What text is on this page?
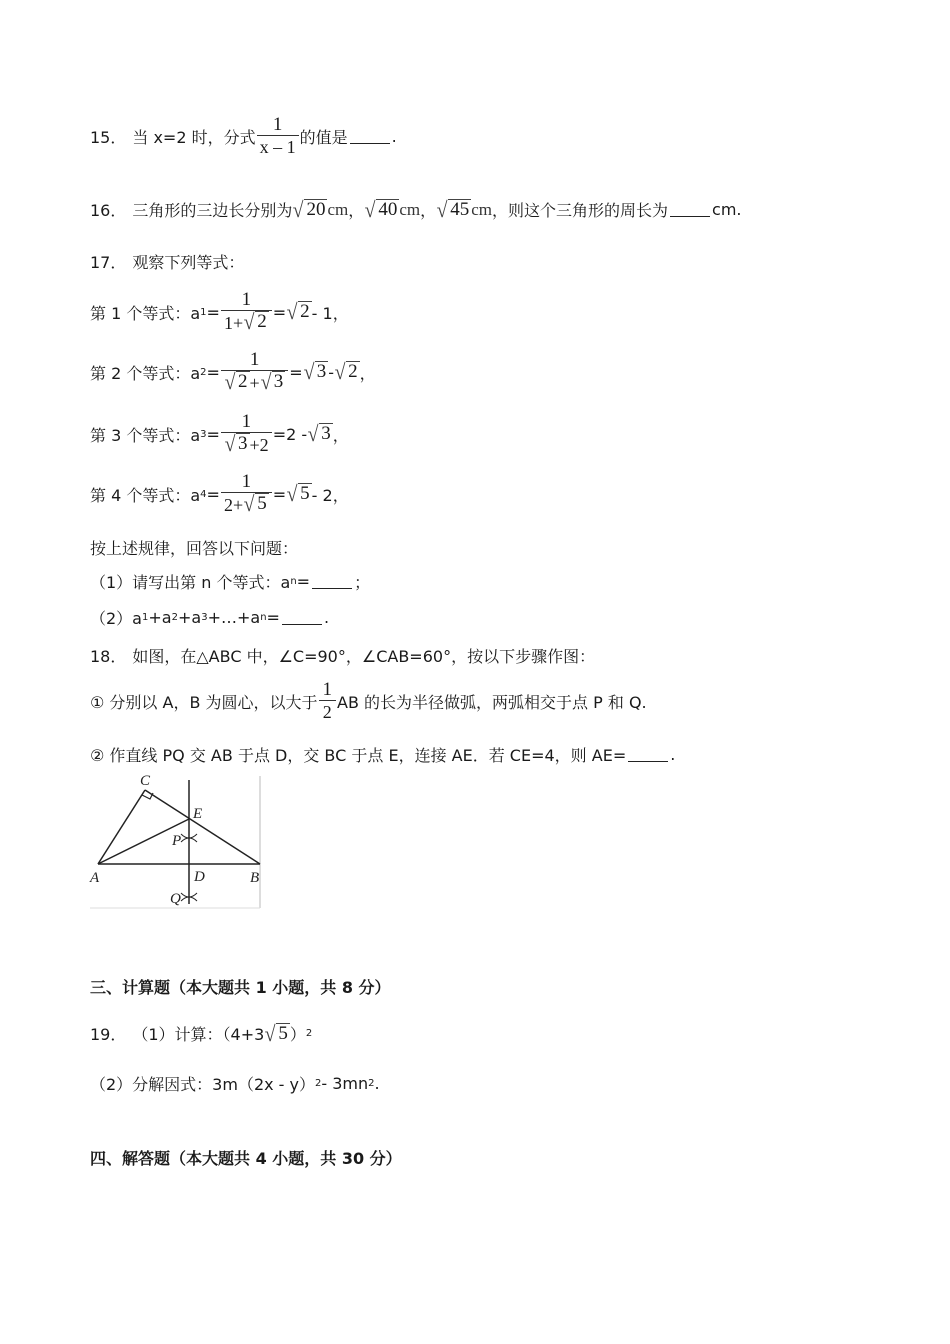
15． 当 x=2 时，分式 $\frac{1}{x - 1}$ 的值是	.
16． 三角形的三边长分别为 √ 20 cm ， √ 40 cm ， √ 45 cm ，则这个三角形的周长为	cm.
17． 观察下列等式：
第 1 个等式：a $1 = \frac{1}{1+ √ 2}$ = √ 2 - 1，
第 2 个等式：a $2 = \frac{1}{√ 2 + √ 3}$ = √ 3 - √ 2 ，
第 3 个等式：a $3 = \frac{1}{√ 3 +2} =2$ - √ 3 ，
第 4 个等式：a $4 = \frac{1}{2+ √ 5}$ = √ 5 - 2，
按上述规律，回答以下问题：
（1）请写出第 n 个等式：a n =	；
（2）a 1 +a 2 +a 3 +…+a n =	.
18． 如图，在△ABC 中，∠C=90°，∠CAB=60°，按以下步骤作图：
① 分别以 A，B 为圆心，以大于 $\frac{1}{2}$ AB 的长为半径做弧，两弧相交于点 P 和 Q.
② 作直线 PQ 交 AB 于点 D，交 BC 于点 E，连接 AE．若 CE=4，则 AE=	.
C
E
P
A	D	B
Q
三、计算题（本大题共 1 小题，共 8 分）
19． （1）计算：（4+3 √ 5 ） 2
（2）分解因式：3m（2x - y） 2 - 3mn 2 .
四、解答题（本大题共 4 小题，共 30 分）
